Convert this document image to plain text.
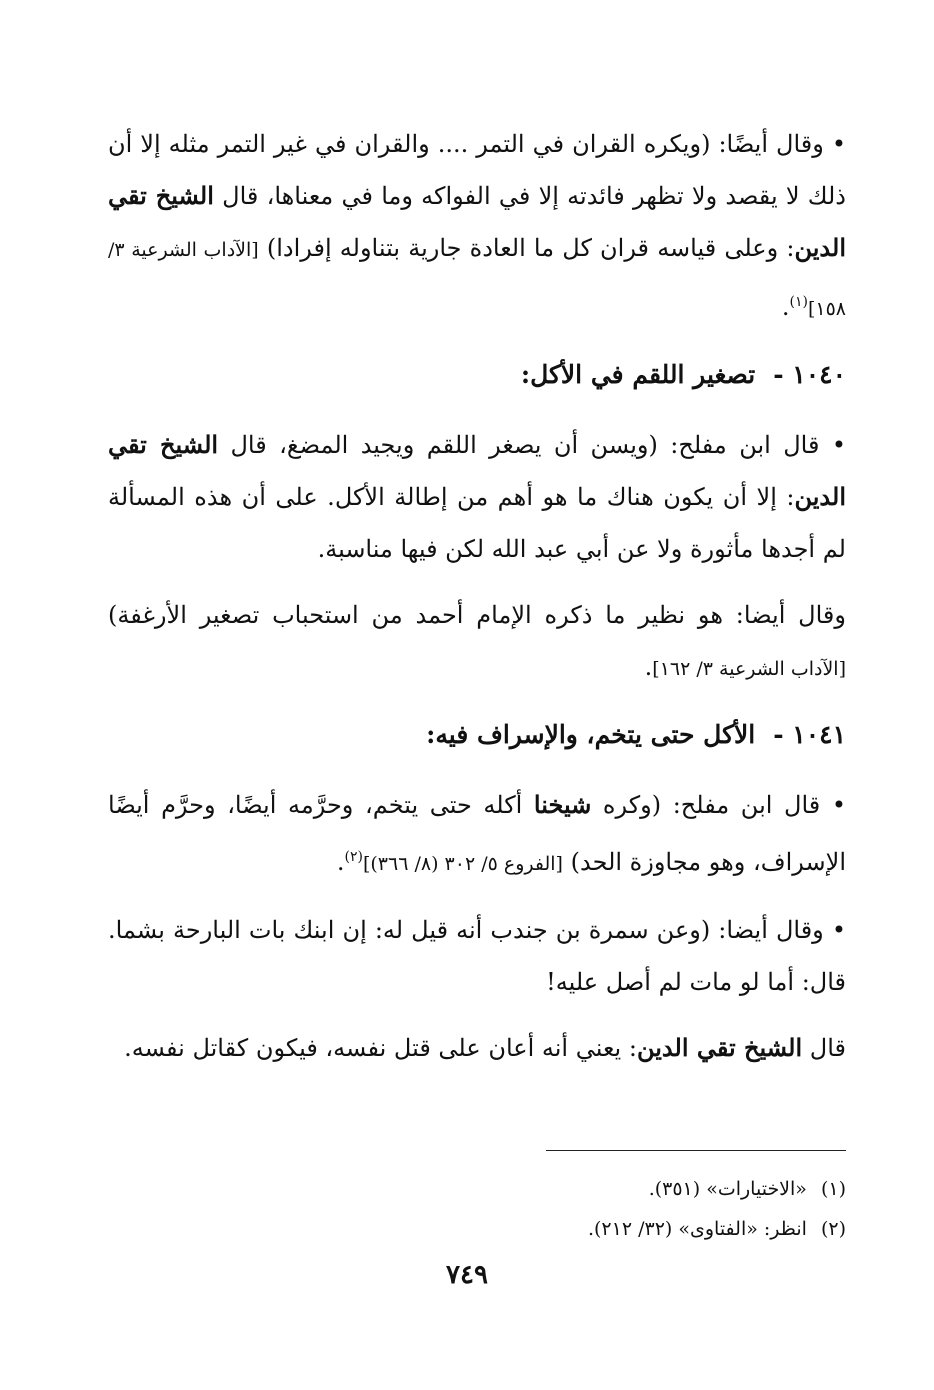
• وقال أيضًا: (ويكره القران في التمر .... والقران في غير التمر مثله إلا أن ذلك لا يقصد ولا تظهر فائدته إلا في الفواكه وما في معناها، قال الشيخ تقي الدين: وعلى قياسه قران كل ما العادة جارية بتناوله إفرادا) [الآداب الشرعية ٣/ ١٥٨]$^{(١)}$.

١٠٤٠ -تصغير اللقم في الأكل:

• قال ابن مفلح: (ويسن أن يصغر اللقم ويجيد المضغ، قال الشيخ تقي الدين: إلا أن يكون هناك ما هو أهم من إطالة الأكل. على أن هذه المسألة لم أجدها مأثورة ولا عن أبي عبد الله لكن فيها مناسبة.

وقال أيضا: هو نظير ما ذكره الإمام أحمد من استحباب تصغير الأرغفة) [الآداب الشرعية ٣/ ١٦٢].

١٠٤١ -الأكل حتى يتخم، والإسراف فيه:

• قال ابن مفلح: (وكره شيخنا أكله حتى يتخم، وحرَّمه أيضًا، وحرَّم أيضًا الإسراف، وهو مجاوزة الحد) [الفروع ٥/ ٣٠٢ (٨/ ٣٦٦)]$^{(٢)}$.

• وقال أيضا: (وعن سمرة بن جندب أنه قيل له: إن ابنك بات البارحة بشما. قال: أما لو مات لم أصل عليه!

قال الشيخ تقي الدين: يعني أنه أعان على قتل نفسه، فيكون كقاتل نفسه.

(١)«الاختيارات» (٣٥١).
(٢)انظر: «الفتاوى» (٣٢/ ٢١٢).
٧٤٩
